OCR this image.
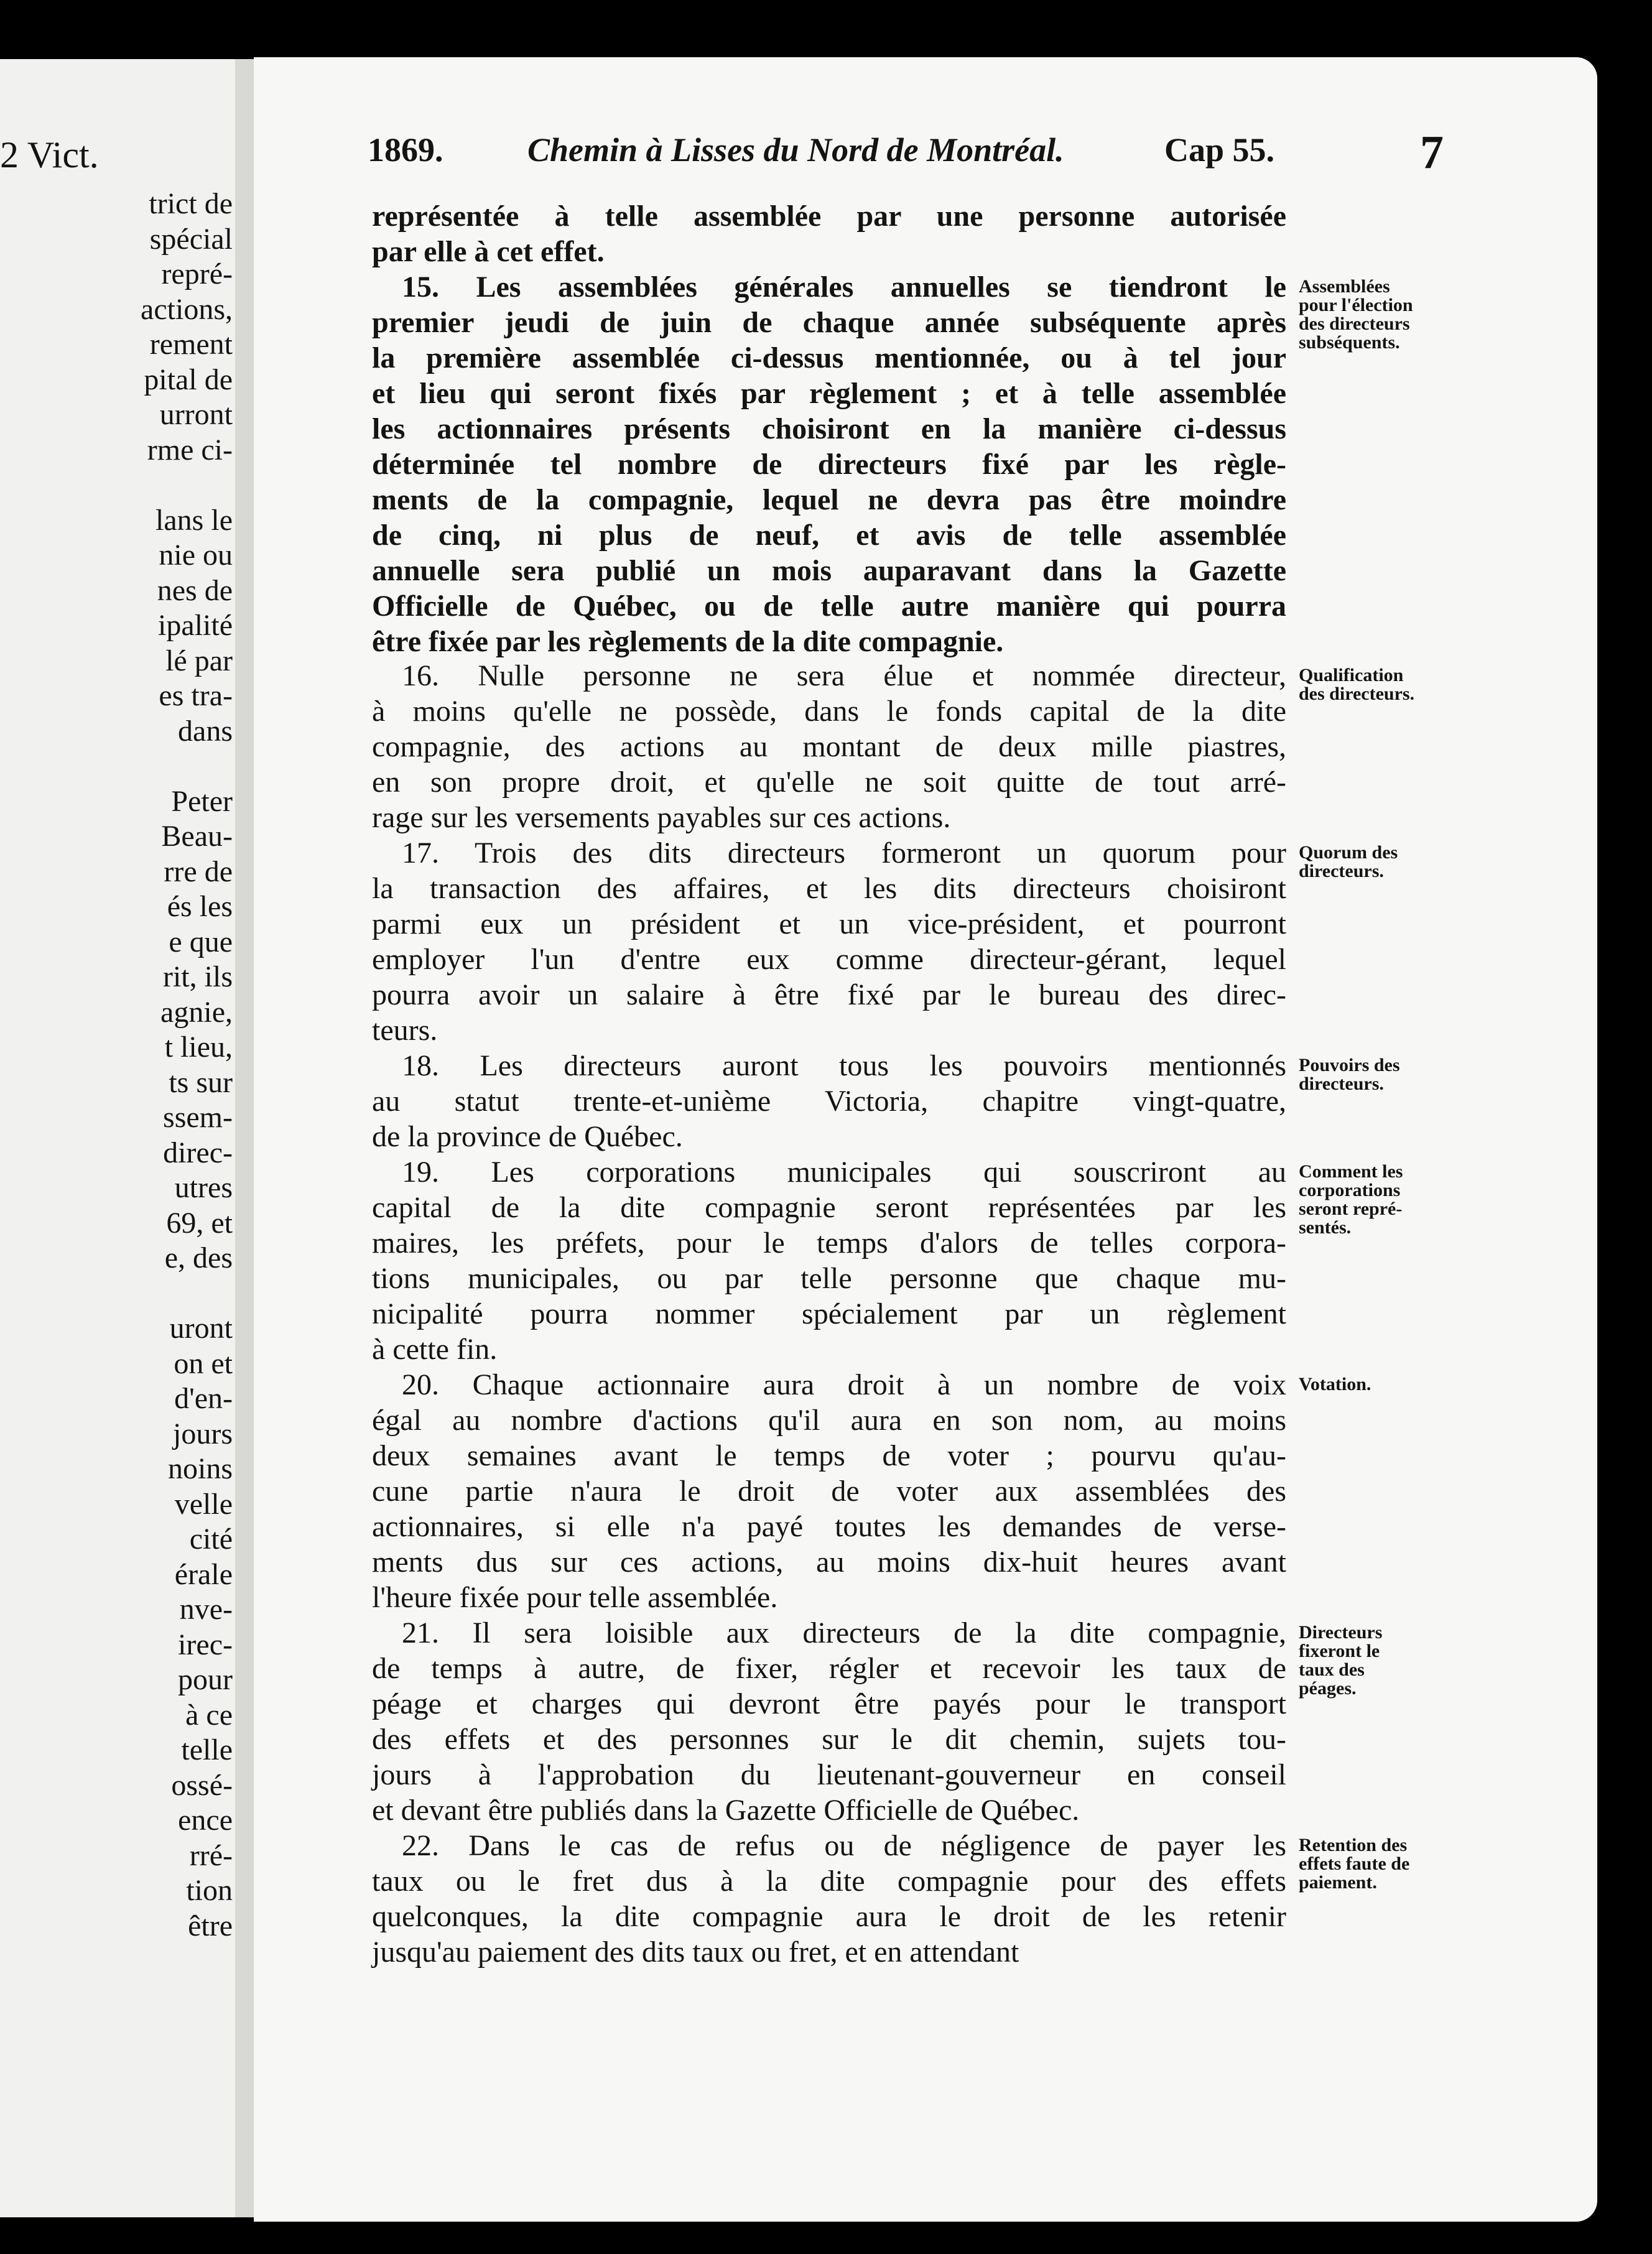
2 Vict.
trict de
spécial
repré-
actions,
rement
pital de
urront
rme ci-
lans le
nie ou
nes de
ipalité
lé par
es tra-
dans
Peter
Beau-
rre de
és les
e que
rit, ils
agnie,
t lieu,
ts sur
ssem-
direc-
utres
69, et
e, des
uront
on et
d'en-
jours
noins
velle
cité
érale
nve-
irec-
pour
à ce
telle
ossé-
ence
rré-
tion
être
1869.	Chemin à Lisses du Nord de Montréal.	Cap 55.	7
représentée à telle assemblée par une personne autorisée
par elle à cet effet.
15. Les assemblées générales annuelles se tiendront le
premier jeudi de juin de chaque année subséquente après
la première assemblée ci-dessus mentionnée, ou à tel jour
et lieu qui seront fixés par règlement ; et à telle assemblée
les actionnaires présents choisiront en la manière ci-dessus
déterminée tel nombre de directeurs fixé par les règle-
ments de la compagnie, lequel ne devra pas être moindre
de cinq, ni plus de neuf, et avis de telle assemblée
annuelle sera publié un mois auparavant dans la Gazette
Officielle de Québec, ou de telle autre manière qui pourra
être fixée par les règlements de la dite compagnie.
Assemblées
pour l'élection
des directeurs
subséquents.
16. Nulle personne ne sera élue et nommée directeur,
à moins qu'elle ne possède, dans le fonds capital de la dite
compagnie, des actions au montant de deux mille piastres,
en son propre droit, et qu'elle ne soit quitte de tout arré-
rage sur les versements payables sur ces actions.
Qualification
des directeurs.
17. Trois des dits directeurs formeront un quorum pour
la transaction des affaires, et les dits directeurs choisiront
parmi eux un président et un vice-président, et pourront
employer l'un d'entre eux comme directeur-gérant, lequel
pourra avoir un salaire à être fixé par le bureau des direc-
teurs.
Quorum des
directeurs.
18. Les directeurs auront tous les pouvoirs mentionnés
au statut trente-et-unième Victoria, chapitre vingt-quatre,
de la province de Québec.
Pouvoirs des
directeurs.
19. Les corporations municipales qui souscriront au
capital de la dite compagnie seront représentées par les
maires, les préfets, pour le temps d'alors de telles corpora-
tions municipales, ou par telle personne que chaque mu-
nicipalité pourra nommer spécialement par un règlement
à cette fin.
Comment les
corporations
seront repré-
sentés.
20. Chaque actionnaire aura droit à un nombre de voix
égal au nombre d'actions qu'il aura en son nom, au moins
deux semaines avant le temps de voter ; pourvu qu'au-
cune partie n'aura le droit de voter aux assemblées des
actionnaires, si elle n'a payé toutes les demandes de verse-
ments dus sur ces actions, au moins dix-huit heures avant
l'heure fixée pour telle assemblée.
Votation.
21. Il sera loisible aux directeurs de la dite compagnie,
de temps à autre, de fixer, régler et recevoir les taux de
péage et charges qui devront être payés pour le transport
des effets et des personnes sur le dit chemin, sujets tou-
jours à l'approbation du lieutenant-gouverneur en conseil
et devant être publiés dans la Gazette Officielle de Québec.
Directeurs
fixeront le
taux des
péages.
22. Dans le cas de refus ou de négligence de payer les
taux ou le fret dus à la dite compagnie pour des effets
quelconques, la dite compagnie aura le droit de les retenir
jusqu'au paiement des dits taux ou fret, et en attendant
Retention des
effets faute de
paiement.
